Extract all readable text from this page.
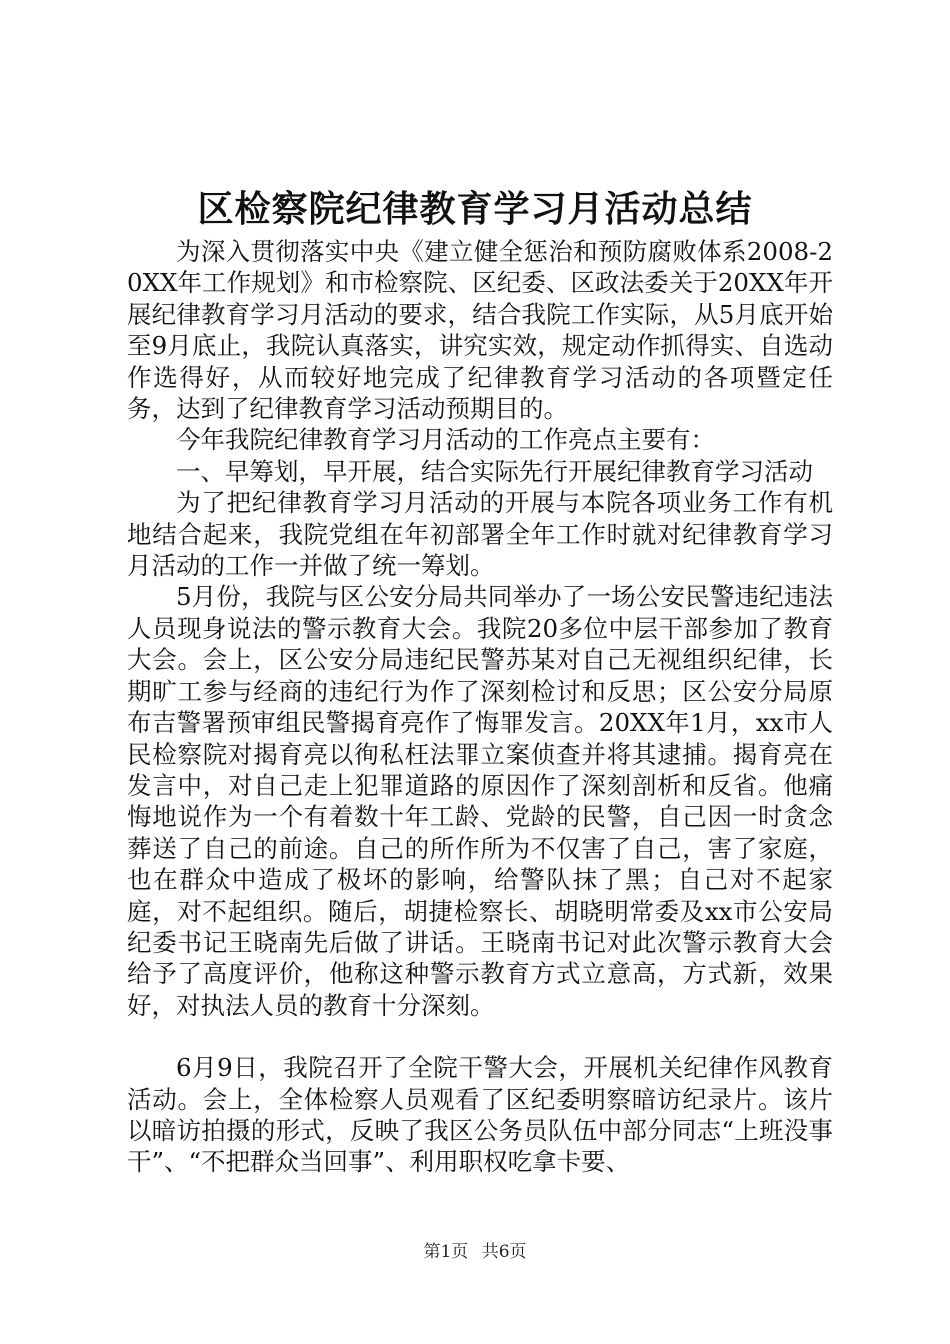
区检察院纪律教育学习月活动总结

为深入贯彻落实中央《建立健全惩治和预防腐败体系2008-20XX年工作规划》和市检察院、区纪委、区政法委关于20XX年开展纪律教育学习月活动的要求，结合我院工作实际，从5月底开始至9月底止，我院认真落实，讲究实效，规定动作抓得实、自选动作选得好，从而较好地完成了纪律教育学习活动的各项暨定任务，达到了纪律教育学习活动预期目的。

今年我院纪律教育学习月活动的工作亮点主要有：

一、早筹划，早开展，结合实际先行开展纪律教育学习活动

为了把纪律教育学习月活动的开展与本院各项业务工作有机地结合起来，我院党组在年初部署全年工作时就对纪律教育学习月活动的工作一并做了统一筹划。

5月份，我院与区公安分局共同举办了一场公安民警违纪违法人员现身说法的警示教育大会。我院20多位中层干部参加了教育大会。会上，区公安分局违纪民警苏某对自己无视组织纪律，长期旷工参与经商的违纪行为作了深刻检讨和反思；区公安分局原布吉警署预审组民警揭育亮作了悔罪发言。20XX年1月，xx市人民检察院对揭育亮以徇私枉法罪立案侦查并将其逮捕。揭育亮在发言中，对自己走上犯罪道路的原因作了深刻剖析和反省。他痛悔地说作为一个有着数十年工龄、党龄的民警，自己因一时贪念葬送了自己的前途。自己的所作所为不仅害了自己，害了家庭，也在群众中造成了极坏的影响，给警队抹了黑；自己对不起家庭，对不起组织。随后，胡捷检察长、胡晓明常委及xx市公安局纪委书记王晓南先后做了讲话。王晓南书记对此次警示教育大会给予了高度评价，他称这种警示教育方式立意高，方式新，效果好，对执法人员的教育十分深刻。

6月9日，我院召开了全院干警大会，开展机关纪律作风教育活动。会上，全体检察人员观看了区纪委明察暗访纪录片。该片以暗访拍摄的形式，反映了我区公务员队伍中部分同志“上班没事干”、“不把群众当回事”、利用职权吃拿卡要、

第1页 共6页
